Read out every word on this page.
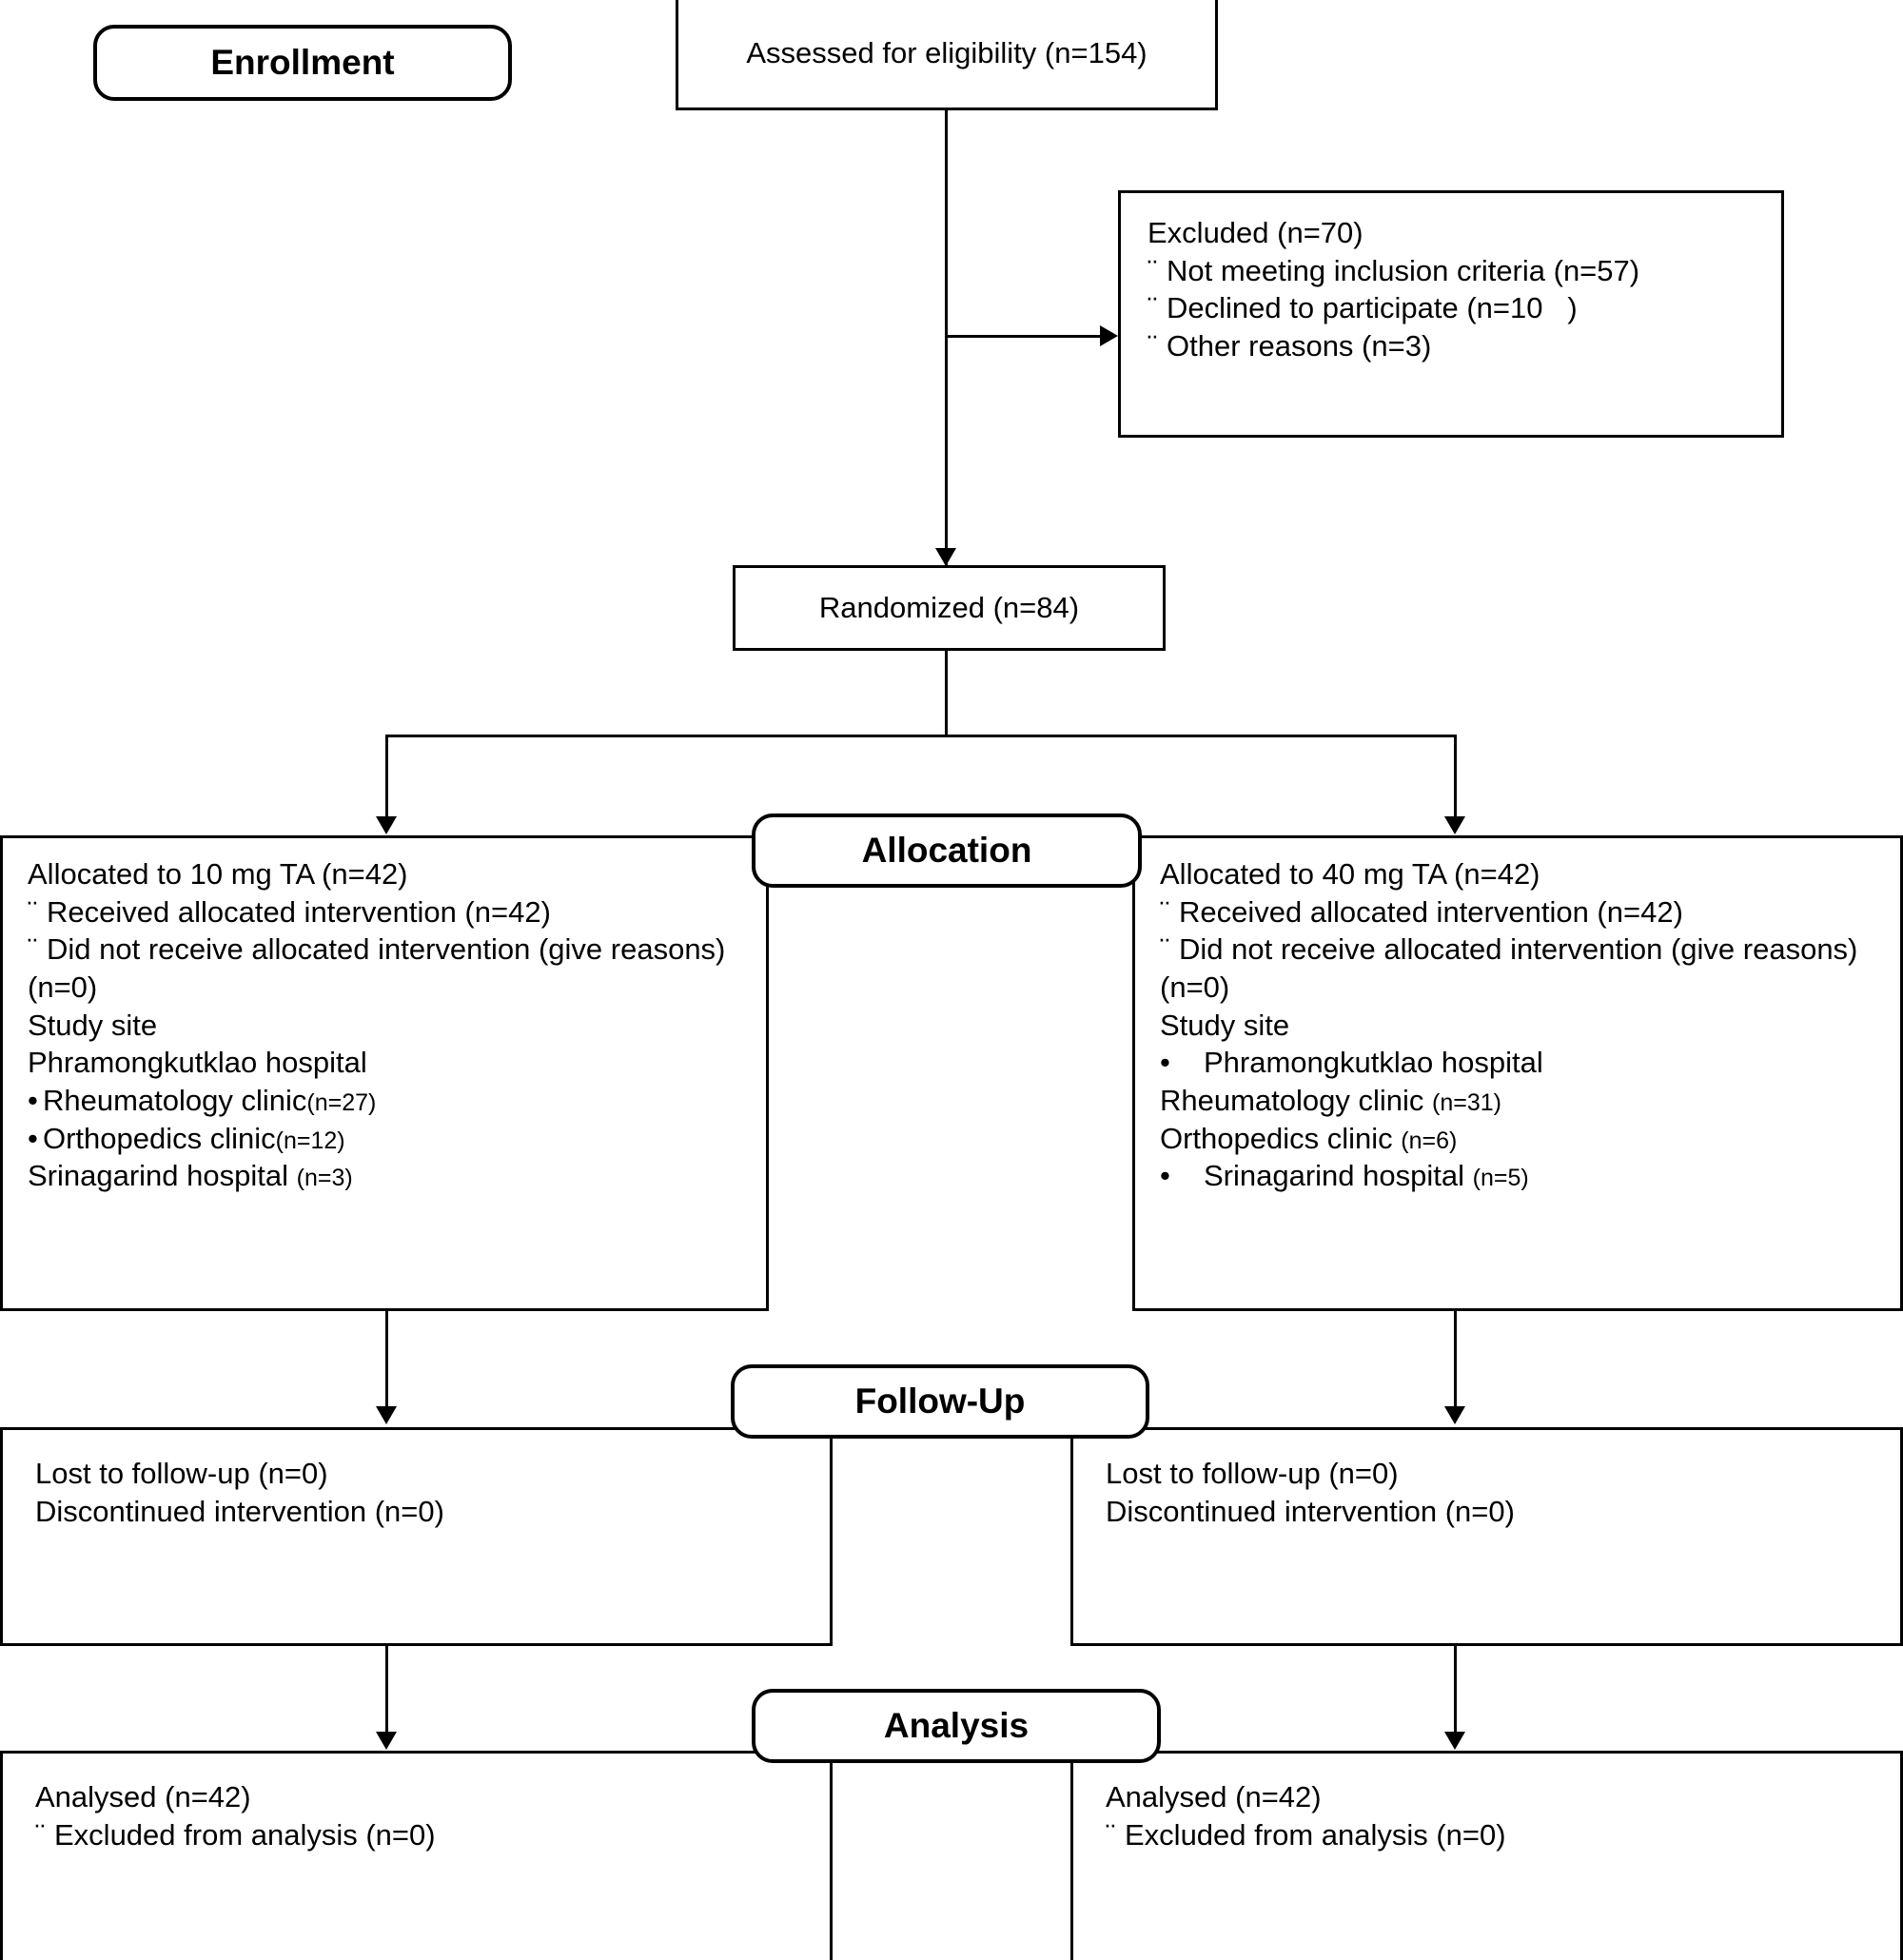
Enrollment	Assessed for eligibility (n=154)
Excluded (n=70)
¨ Not meeting inclusion criteria (n=57)
¨ Declined to participate (n=10   )
¨ Other reasons (n=3)
Randomized (n=84)
Allocation
Allocated to 10 mg TA (n=42)
¨ Received allocated intervention (n=42)
¨ Did not receive allocated intervention (give reasons) (n=0)
Study site
Phramongkutklao hospital
• Rheumatology clinic(n=27)
• Orthopedics clinic(n=12)
Srinagarind hospital (n=3)
Allocated to 40 mg TA (n=42)
¨ Received allocated intervention (n=42)
¨ Did not receive allocated intervention (give reasons) (n=0)
Study site
• Phramongkutklao hospital
Rheumatology clinic (n=31)
Orthopedics clinic (n=6)
• Srinagarind hospital (n=5)
Follow-Up
Lost to follow-up (n=0)
Discontinued intervention (n=0)
Lost to follow-up (n=0)
Discontinued intervention (n=0)
Analysis
Analysed (n=42)
¨ Excluded from analysis (n=0)
Analysed (n=42)
¨ Excluded from analysis (n=0)
